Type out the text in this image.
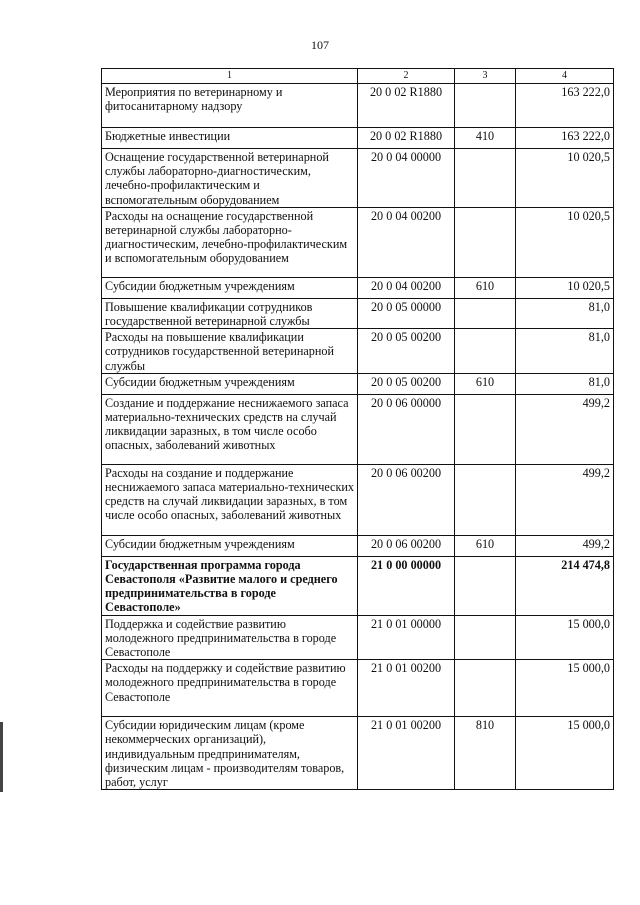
107
1	2	3	4
Мероприятия по ветеринарному и фитосанитарному надзору	20 0 02 R1880		163 222,0
Бюджетные инвестиции	20 0 02 R1880	410	163 222,0
Оснащение государственной ветеринарной службы лабораторно-диагностическим, лечебно-профилактическим и вспомогательным оборудованием	20 0 04 00000		10 020,5
Расходы на оснащение государственной ветеринарной службы лабораторно-диагностическим, лечебно-профилактическим и вспомогательным оборудованием	20 0 04 00200		10 020,5
Субсидии бюджетным учреждениям	20 0 04 00200	610	10 020,5
Повышение квалификации сотрудников государственной ветеринарной службы	20 0 05 00000		81,0
Расходы на повышение квалификации сотрудников государственной ветеринарной службы	20 0 05 00200		81,0
Субсидии бюджетным учреждениям	20 0 05 00200	610	81,0
Создание и поддержание неснижаемого запаса материально-технических средств на случай ликвидации заразных, в том числе особо опасных, заболеваний животных	20 0 06 00000		499,2
Расходы на создание и поддержание неснижаемого запаса материально-технических средств на случай ликвидации заразных, в том числе особо опасных, заболеваний животных	20 0 06 00200		499,2
Субсидии бюджетным учреждениям	20 0 06 00200	610	499,2
Государственная программа города Севастополя «Развитие малого и среднего предпринимательства в городе Севастополе»	21 0 00 00000		214 474,8
Поддержка и содействие развитию молодежного предпринимательства в городе Севастополе	21 0 01 00000		15 000,0
Расходы на поддержку и содействие развитию молодежного предпринимательства в городе Севастополе	21 0 01 00200		15 000,0
Субсидии юридическим лицам (кроме некоммерческих организаций), индивидуальным предпринимателям, физическим лицам - производителям товаров, работ, услуг	21 0 01 00200	810	15 000,0
